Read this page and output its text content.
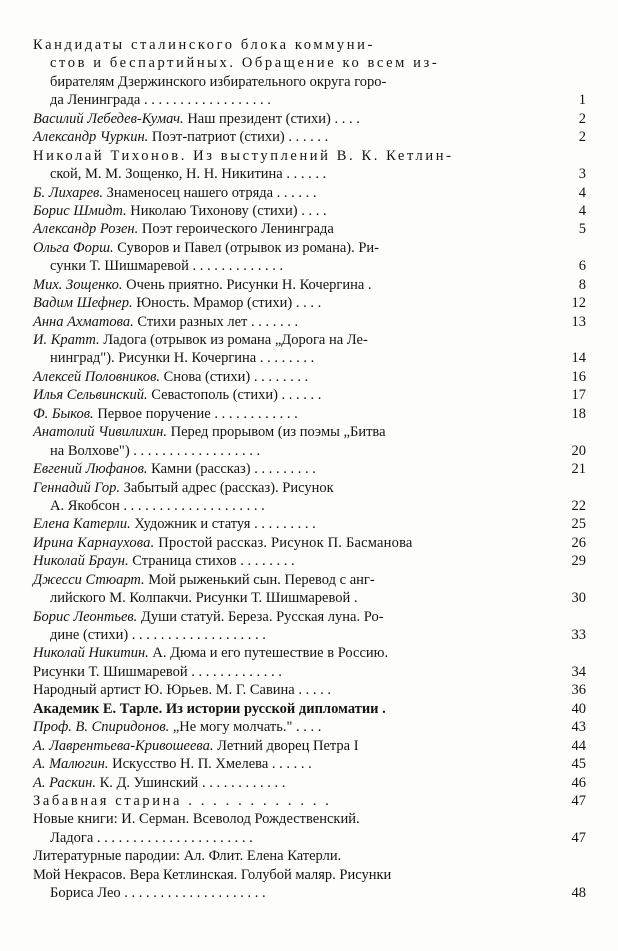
Кандидаты сталинского блока коммуни-
стов и беспартийных. Обращение ко всем из-
бирателям Дзержинского избирательного округа горо-
да Ленинграда . . . . . . . . . . . . . . . . . .	1
Василий Лебедев-Кумач. Наш президент (стихи) . . . .	2
Александр Чуркин. Поэт-патриот (стихи) . . . . . .	2
Николай Тихонов. Из выступлений В. К. Кетлин-
ской, М. М. Зощенко, Н. Н. Никитина . . . . . .	3
Б. Лихарев. Знаменосец нашего отряда . . . . . .	4
Борис Шмидт. Николаю Тихонову (стихи) . . . .	4
Александр Розен. Поэт героического Ленинграда	5
Ольга Форш. Суворов и Павел (отрывок из романа). Ри-
сунки Т. Шишмаревой . . . . . . . . . . . . .	6
Мих. Зощенко. Очень приятно. Рисунки Н. Кочергина .	8
Вадим Шефнер. Юность. Мрамор (стихи) . . . .	12
Анна Ахматова. Стихи разных лет . . . . . . .	13
И. Кратт. Ладога (отрывок из романа „Дорога на Ле-
нинград"). Рисунки Н. Кочергина . . . . . . . .	14
Алексей Половников. Снова (стихи) . . . . . . . .	16
Илья Сельвинский. Севастополь (стихи) . . . . . .	17
Ф. Быков. Первое поручение . . . . . . . . . . . .	18
Анатолий Чивилихин. Перед прорывом (из поэмы „Битва
на Волхове") . . . . . . . . . . . . . . . . . .	20
Евгений Люфанов. Камни (рассказ) . . . . . . . . .	21
Геннадий Гор. Забытый адрес (рассказ). Рисунок
А. Якобсон . . . . . . . . . . . . . . . . . . . .	22
Елена Катерли. Художник и статуя . . . . . . . . .	25
Ирина Карнаухова. Простой рассказ. Рисунок П. Басманова	26
Николай Браун. Страница стихов . . . . . . . .	29
Джесси Стюарт. Мой рыженький сын. Перевод с анг-
лийского М. Колпакчи. Рисунки Т. Шишмаревой .	30
Борис Леонтьев. Души статуй. Береза. Русская луна. Ро-
дине (стихи) . . . . . . . . . . . . . . . . . . .	33
Николай Никитин. А. Дюма и его путешествие в Россию.
Рисунки Т. Шишмаревой . . . . . . . . . . . . .	34
Народный артист Ю. Юрьев. М. Г. Савина . . . . .	36
Академик Е. Тарле. Из истории русской дипломатии .	40
Проф. В. Спиридонов. „Не могу молчать." . . . .	43
А. Лаврентьева-Кривошеева. Летний дворец Петра I	44
А. Малюгин. Искусство Н. П. Хмелева . . . . . .	45
А. Раскин. К. Д. Ушинский . . . . . . . . . . . .	46
Забавная старина . . . . . . . . . . . .	47
Новые книги: И. Серман. Всеволод Рождественский.
Ладога . . . . . . . . . . . . . . . . . . . . . .	47
Литературные пародии: Ал. Флит. Елена Катерли.
Мой Некрасов. Вера Кетлинская. Голубой маляр. Рисунки
Бориса Лео . . . . . . . . . . . . . . . . . . . .	48
